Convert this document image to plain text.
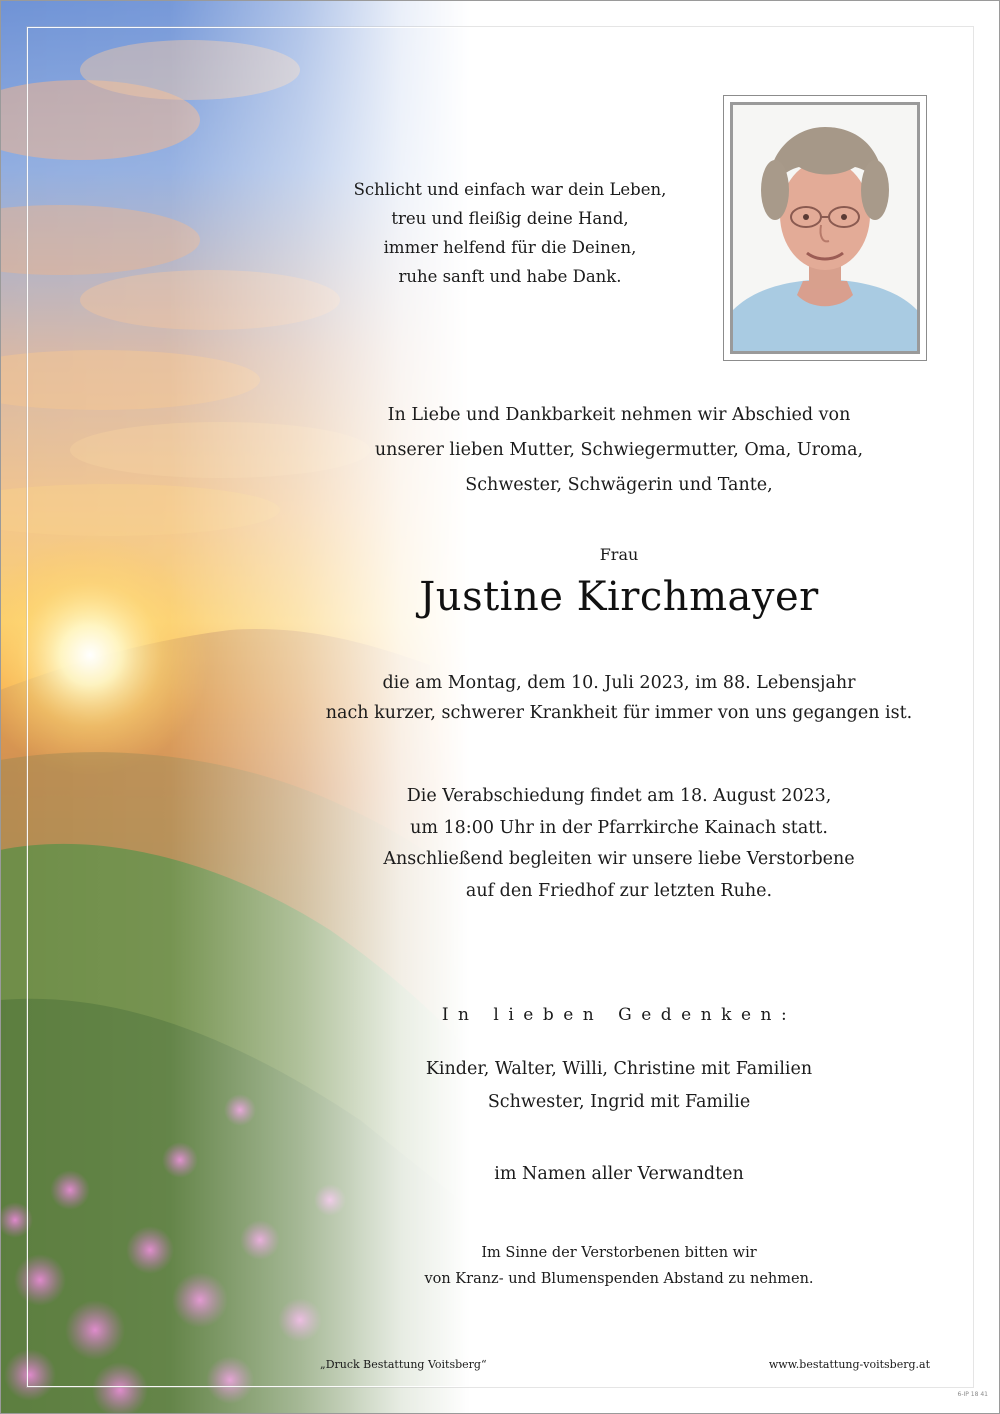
Schlicht und einfach war dein Leben,

treu und fleißig deine Hand,

immer helfend für die Deinen,

ruhe sanft und habe Dank.

In Liebe und Dankbarkeit nehmen wir Abschied von

unserer lieben Mutter, Schwiegermutter, Oma, Uroma,

Schwester, Schwägerin und Tante,

Frau
Justine Kirchmayer

die am Montag, dem 10. Juli 2023, im 88. Lebensjahr

nach kurzer, schwerer Krankheit für immer von uns gegangen ist.

Die Verabschiedung findet am 18. August 2023,

um 18:00 Uhr in der Pfarrkirche Kainach statt.

Anschließend begleiten wir unsere liebe Verstorbene

auf den Friedhof zur letzten Ruhe.

In lieben Gedenken:

Kinder, Walter, Willi, Christine mit Familien

Schwester, Ingrid mit Familie

im Namen aller Verwandten

Im Sinne der Verstorbenen bitten wir

von Kranz- und Blumenspenden Abstand zu nehmen.

„Druck Bestattung Voitsberg“	www.bestattung-voitsberg.at
6-IP 18 41
